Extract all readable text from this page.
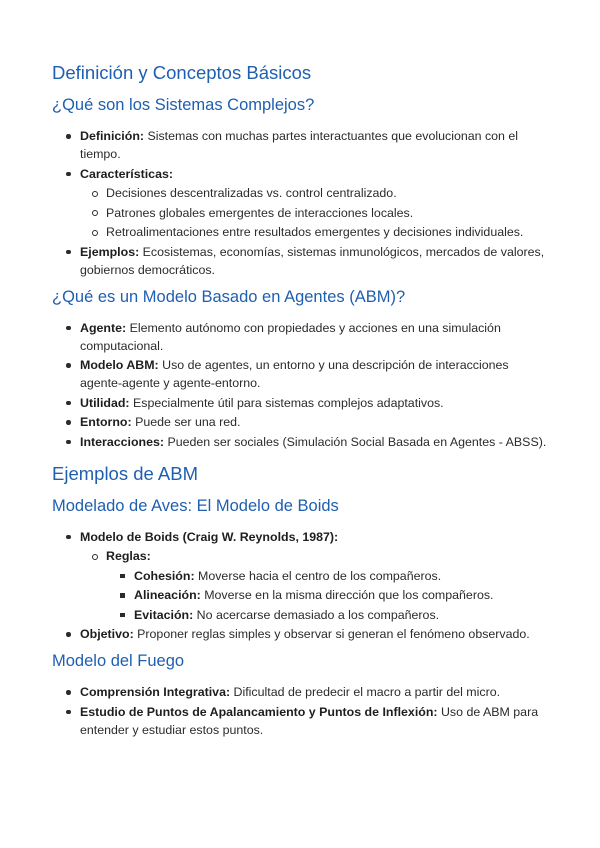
Definición y Conceptos Básicos
¿Qué son los Sistemas Complejos?
Definición: Sistemas con muchas partes interactuantes que evolucionan con el tiempo.
Características:
Decisiones descentralizadas vs. control centralizado.
Patrones globales emergentes de interacciones locales.
Retroalimentaciones entre resultados emergentes y decisiones individuales.
Ejemplos: Ecosistemas, economías, sistemas inmunológicos, mercados de valores, gobiernos democráticos.
¿Qué es un Modelo Basado en Agentes (ABM)?
Agente: Elemento autónomo con propiedades y acciones en una simulación computacional.
Modelo ABM: Uso de agentes, un entorno y una descripción de interacciones agente-agente y agente-entorno.
Utilidad: Especialmente útil para sistemas complejos adaptativos.
Entorno: Puede ser una red.
Interacciones: Pueden ser sociales (Simulación Social Basada en Agentes - ABSS).
Ejemplos de ABM
Modelado de Aves: El Modelo de Boids
Modelo de Boids (Craig W. Reynolds, 1987):
Reglas:
Cohesión: Moverse hacia el centro de los compañeros.
Alineación: Moverse en la misma dirección que los compañeros.
Evitación: No acercarse demasiado a los compañeros.
Objetivo: Proponer reglas simples y observar si generan el fenómeno observado.
Modelo del Fuego
Comprensión Integrativa: Dificultad de predecir el macro a partir del micro.
Estudio de Puntos de Apalancamiento y Puntos de Inflexión: Uso de ABM para entender y estudiar estos puntos.
